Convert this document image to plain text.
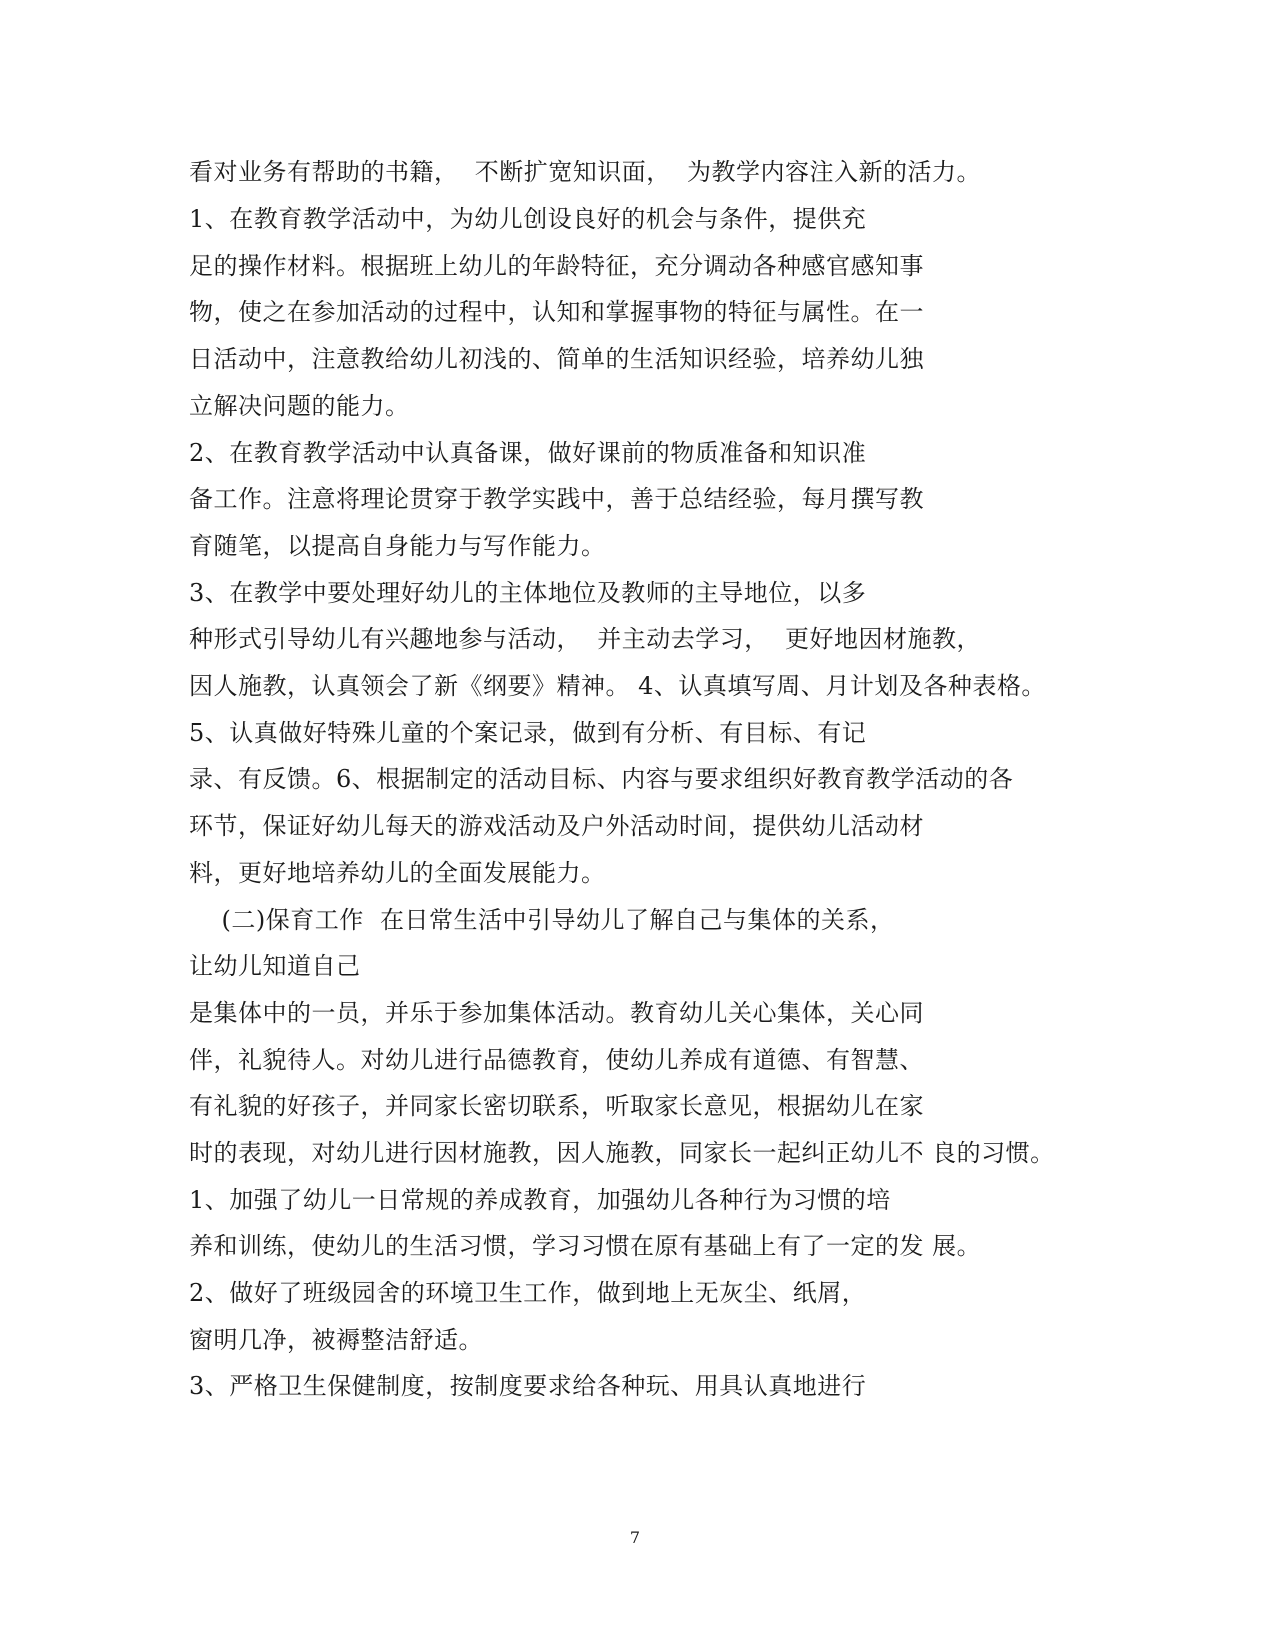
看对业务有帮助的书籍，  不断扩宽知识面，  为教学内容注入新的活力。
1、在教育教学活动中，为幼儿创设良好的机会与条件，提供充
足的操作材料。根据班上幼儿的年龄特征，充分调动各种感官感知事
物，使之在参加活动的过程中，认知和掌握事物的特征与属性。在一
日活动中，注意教给幼儿初浅的、简单的生活知识经验，培养幼儿独
立解决问题的能力。
2、在教育教学活动中认真备课，做好课前的物质准备和知识准
备工作。注意将理论贯穿于教学实践中，善于总结经验，每月撰写教
育随笔，以提高自身能力与写作能力。
3、在教学中要处理好幼儿的主体地位及教师的主导地位，以多
种形式引导幼儿有兴趣地参与活动，  并主动去学习，  更好地因材施教，
因人施教，认真领会了新《纲要》精神。 4、认真填写周、月计划及各种表格。
5、认真做好特殊儿童的个案记录，做到有分析、有目标、有记
录、有反馈。6、根据制定的活动目标、内容与要求组织好教育教学活动的各
环节，保证好幼儿每天的游戏活动及户外活动时间，提供幼儿活动材
料，更好地培养幼儿的全面发展能力。
(二)保育工作  在日常生活中引导幼儿了解自己与集体的关系，
让幼儿知道自己
是集体中的一员，并乐于参加集体活动。教育幼儿关心集体，关心同
伴，礼貌待人。对幼儿进行品德教育，使幼儿养成有道德、有智慧、
有礼貌的好孩子，并同家长密切联系，听取家长意见，根据幼儿在家
时的表现，对幼儿进行因材施教，因人施教，同家长一起纠正幼儿不 良的习惯。
1、加强了幼儿一日常规的养成教育，加强幼儿各种行为习惯的培
养和训练，使幼儿的生活习惯，学习习惯在原有基础上有了一定的发 展。
2、做好了班级园舍的环境卫生工作，做到地上无灰尘、纸屑，
窗明几净，被褥整洁舒适。
3、严格卫生保健制度，按制度要求给各种玩、用具认真地进行
7
